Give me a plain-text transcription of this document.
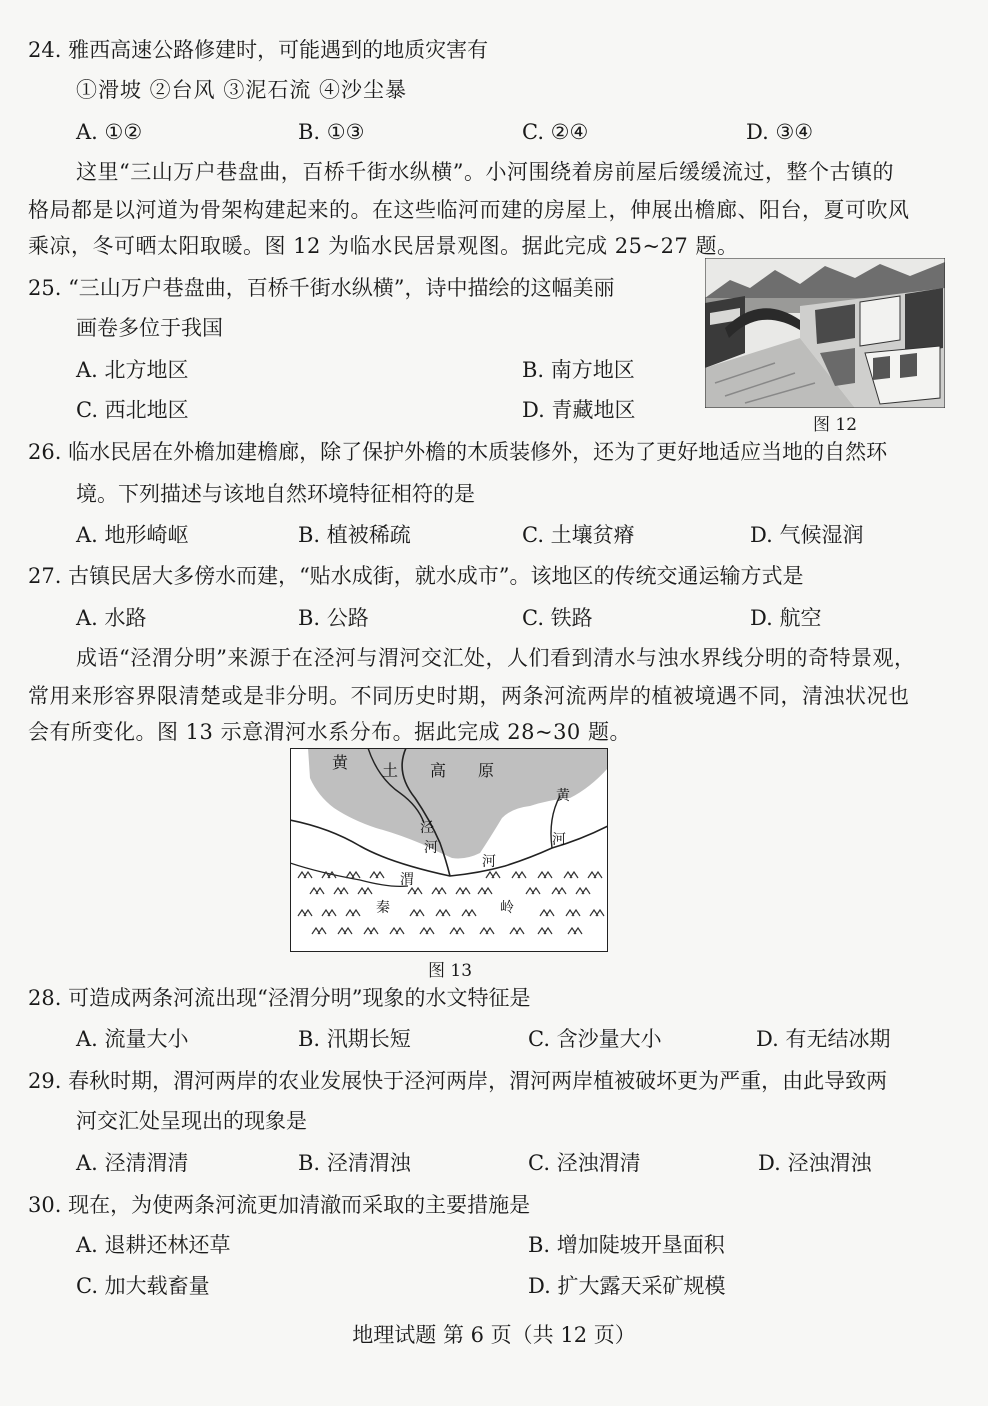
24. 雅西高速公路修建时，可能遇到的地质灾害有
①滑坡 ②台风 ③泥石流 ④沙尘暴
A. ①②	B. ①③	C. ②④	D. ③④
这里“三山万户巷盘曲，百桥千街水纵横”。小河围绕着房前屋后缓缓流过，整个古镇的
格局都是以河道为骨架构建起来的。在这些临河而建的房屋上，伸展出檐廊、阳台，夏可吹风
乘凉，冬可晒太阳取暖。图 12 为临水民居景观图。据此完成 25~27 题。
25. “三山万户巷盘曲，百桥千街水纵横”，诗中描绘的这幅美丽
画卷多位于我国
A. 北方地区	B. 南方地区
C. 西北地区	D. 青藏地区
图 12
26. 临水民居在外檐加建檐廊，除了保护外檐的木质装修外，还为了更好地适应当地的自然环
境。下列描述与该地自然环境特征相符的是
A. 地形崎岖	B. 植被稀疏	C. 土壤贫瘠	D. 气候湿润
27. 古镇民居大多傍水而建，“贴水成街，就水成市”。该地区的传统交通运输方式是
A. 水路	B. 公路	C. 铁路	D. 航空
成语“泾渭分明”来源于在泾河与渭河交汇处，人们看到清水与浊水界线分明的奇特景观，
常用来形容界限清楚或是非分明。不同历史时期，两条河流两岸的植被境遇不同，清浊状况也
会有所变化。图 13 示意渭河水系分布。据此完成 28~30 题。
黄 土 高 原
泾
河
黄
河
渭
河
秦	岭
图 13
28. 可造成两条河流出现“泾渭分明”现象的水文特征是
A. 流量大小	B. 汛期长短	C. 含沙量大小	D. 有无结冰期
29. 春秋时期，渭河两岸的农业发展快于泾河两岸，渭河两岸植被破坏更为严重，由此导致两
河交汇处呈现出的现象是
A. 泾清渭清	B. 泾清渭浊	C. 泾浊渭清	D. 泾浊渭浊
30. 现在，为使两条河流更加清澈而采取的主要措施是
A. 退耕还林还草	B. 增加陡坡开垦面积
C. 加大载畜量	D. 扩大露天采矿规模
地理试题 第 6 页（共 12 页）
